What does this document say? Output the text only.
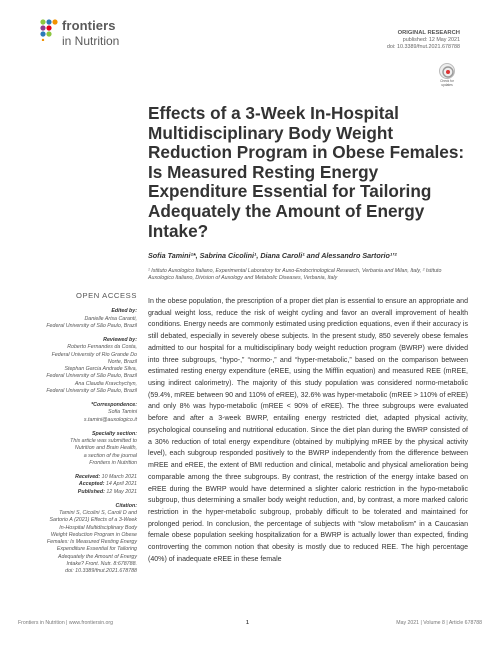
frontiers
in Nutrition
ORIGINAL RESEARCH
published: 12 May 2021
doi: 10.3389/fnut.2021.678788
Check for updates
Effects of a 3-Week In-Hospital Multidisciplinary Body Weight Reduction Program in Obese Females: Is Measured Resting Energy Expenditure Essential for Tailoring Adequately the Amount of Energy Intake?
Sofia Tamini¹*, Sabrina Cicolini¹, Diana Caroli¹ and Alessandro Sartorio¹ʼ²
¹ Istituto Auxologico Italiano, Experimental Laboratory for Auxo-Endocrinological Research, Verbania and Milan, Italy, ² Istituto Auxologico Italiano, Division of Auxology and Metabolic Diseases, Verbania, Italy
OPEN ACCESS
Edited by:
Danielle Arisa Caranti,
Federal University of São Paulo, Brazil
Reviewed by:
Roberto Fernandes da Costa,
Federal University of Rio Grande Do
Norte, Brazil
Stephan Garcia Andrade Silva,
Federal University of São Paulo, Brazil
Ana Claudia Kravchychyn,
Federal University of São Paulo, Brazil
*Correspondence:
Sofia Tamini
s.tamini@auxologico.it
Specialty section:
This article was submitted to
Nutrition and Brain Health,
a section of the journal
Frontiers in Nutrition
Received: 10 March 2021
Accepted: 14 April 2021
Published: 12 May 2021
Citation:
Tamini S, Cicolini S, Caroli D and
Sartorio A (2021) Effects of a 3-Week
In-Hospital Multidisciplinary Body
Weight Reduction Program in Obese
Females: Is Measured Resting Energy
Expenditure Essential for Tailoring
Adequately the Amount of Energy
Intake? Front. Nutr. 8:678788.
doi: 10.3389/fnut.2021.678788

In the obese population, the prescription of a proper diet plan is essential to ensure an appropriate and gradual weight loss, reduce the risk of weight cycling and favor an overall improvement of health conditions. Energy needs are commonly estimated using prediction equations, even if their accuracy is still debated, especially in severely obese subjects. In the present study, 850 severely obese females admitted to our hospital for a multidisciplinary body weight reduction program (BWRP) were divided into three subgroups, “hypo-,” “normo-,” and “hyper-metabolic,” based on the comparison between estimated resting energy expenditure (eREE, using the Mifflin equation) and measured REE (mREE, using indirect calorimetry). The majority of this study population was considered normo-metabolic (59.4%, mREE between 90 and 110% of eREE), 32.6% was hyper-metabolic (mREE > 110% of eREE) and only 8% was hypo-metabolic (mREE < 90% of eREE). The three subgroups were evaluated before and after a 3-week BWRP, entailing energy restricted diet, adapted physical activity, psychological counseling and nutritional education. Since the diet plan during the BWRP consisted of a 30% reduction of total energy expenditure (obtained by multiplying mREE by the physical activity level), each subgroup responded positively to the BWRP independently from the difference between mREE and eREE, the extent of BMI reduction and clinical, metabolic and physical amelioration being comparable among the three subgroups. By contrast, the restriction of the energy intake based on eREE during the BWRP would have determined a slighter caloric restriction in the hypo-metabolic subgroup, thus determining a smaller body weight reduction, and, by contrast, a more marked caloric restriction in the hyper-metabolic subgroup, probably difficult to be tolerated and maintained for prolonged period. In conclusion, the percentage of subjects with “slow metabolism” in a Caucasian female obese population seeking hospitalization for a BWRP is actually lower than expected, finding controverting the common notion that obesity is mostly due to reduced REE. The high percentage (40%) of inadequate eREE in these female

Frontiers in Nutrition | www.frontiersin.org	1	May 2021 | Volume 8 | Article 678788
